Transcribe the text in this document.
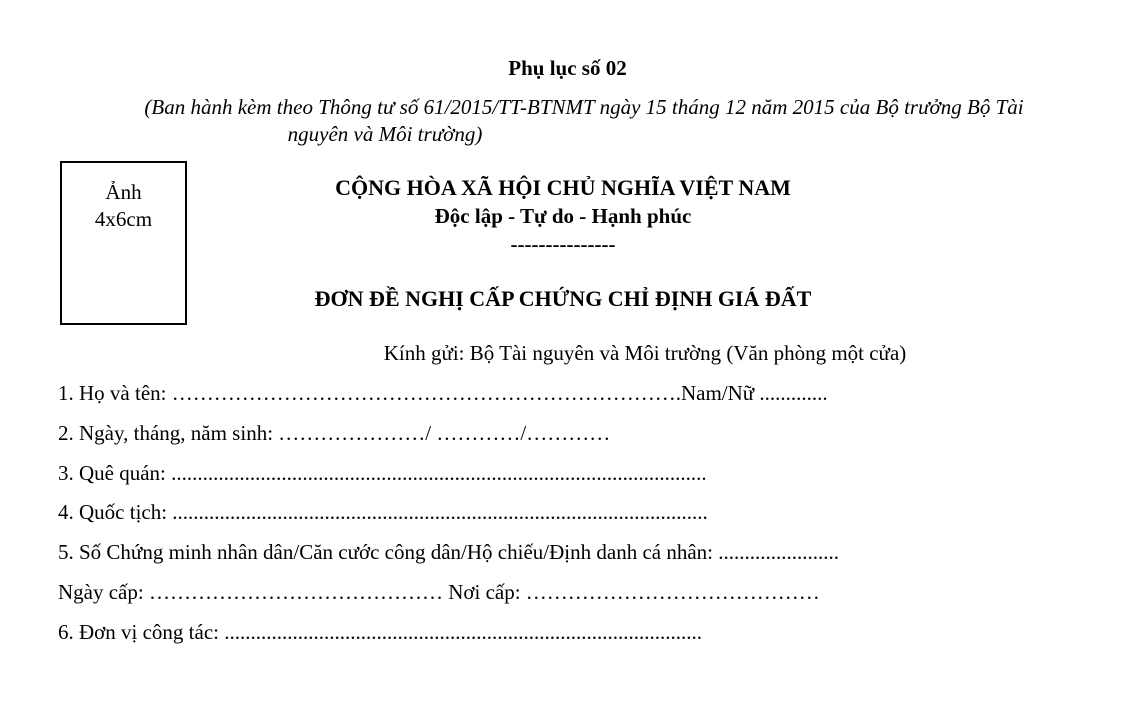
Phụ lục số 02
(Ban hành kèm theo Thông tư số 61/2015/TT-BTNMT ngày 15 tháng 12 năm 2015 của Bộ trưởng Bộ Tài
nguyên và Môi trường)
Ảnh
4x6cm
CỘNG HÒA XÃ HỘI CHỦ NGHĨA VIỆT NAM
Độc lập - Tự do - Hạnh phúc
---------------
ĐƠN ĐỀ NGHỊ CẤP CHỨNG CHỈ ĐỊNH GIÁ ĐẤT
Kính gửi: Bộ Tài nguyên và Môi trường (Văn phòng một cửa)
1. Họ và tên: ……………………………………………………………….Nam/Nữ .............
2. Ngày, tháng, năm sinh: …………………/ …………/…………
3. Quê quán: ......................................................................................................
4. Quốc tịch: ......................................................................................................
5. Số Chứng minh nhân dân/Căn cước công dân/Hộ chiếu/Định danh cá nhân: .......................
Ngày cấp: …………………………………… Nơi cấp: ……………………………………
6. Đơn vị công tác: ...........................................................................................
